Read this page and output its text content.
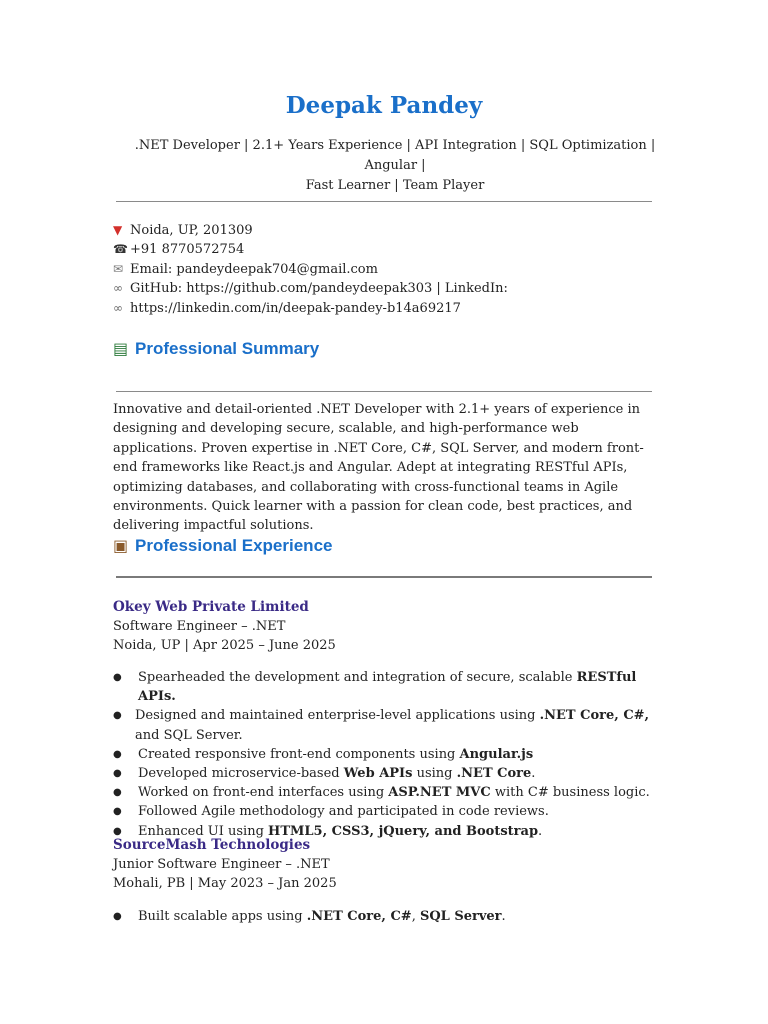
Deepak Pandey
.NET Developer | 2.1+ Years Experience | API Integration | SQL Optimization | Angular |
Fast Learner | Team Player
▼ Noida, UP, 201309
☎ +91 8770572754
✉ Email: pandeydeepak704@gmail.com
∞ GitHub: https://github.com/pandeydeepak303 | LinkedIn:
∞ https://linkedin.com/in/deepak-pandey-b14a69217
▤ Professional Summary

Innovative and detail-oriented .NET Developer with 2.1+ years of experience in designing and developing secure, scalable, and high-performance web applications. Proven expertise in .NET Core, C#, SQL Server, and modern front-end frameworks like React.js and Angular. Adept at integrating RESTful APIs, optimizing databases, and collaborating with cross-functional teams in Agile environments. Quick learner with a passion for clean code, best practices, and delivering impactful solutions.

▣ Professional Experience
Okey Web Private Limited
Software Engineer – .NET
Noida, UP | Apr 2025 – June 2025
● Spearheaded the development and integration of secure, scalable RESTful APIs.
● Designed and maintained enterprise-level applications using .NET Core, C#, and SQL Server.
● Created responsive front-end components using Angular.js
● Developed microservice-based Web APIs using .NET Core.
● Worked on front-end interfaces using ASP.NET MVC with C# business logic.
● Followed Agile methodology and participated in code reviews.
● Enhanced UI using HTML5, CSS3, jQuery, and Bootstrap.
SourceMash Technologies
Junior Software Engineer – .NET
Mohali, PB | May 2023 – Jan 2025
● Built scalable apps using .NET Core, C#, SQL Server.
